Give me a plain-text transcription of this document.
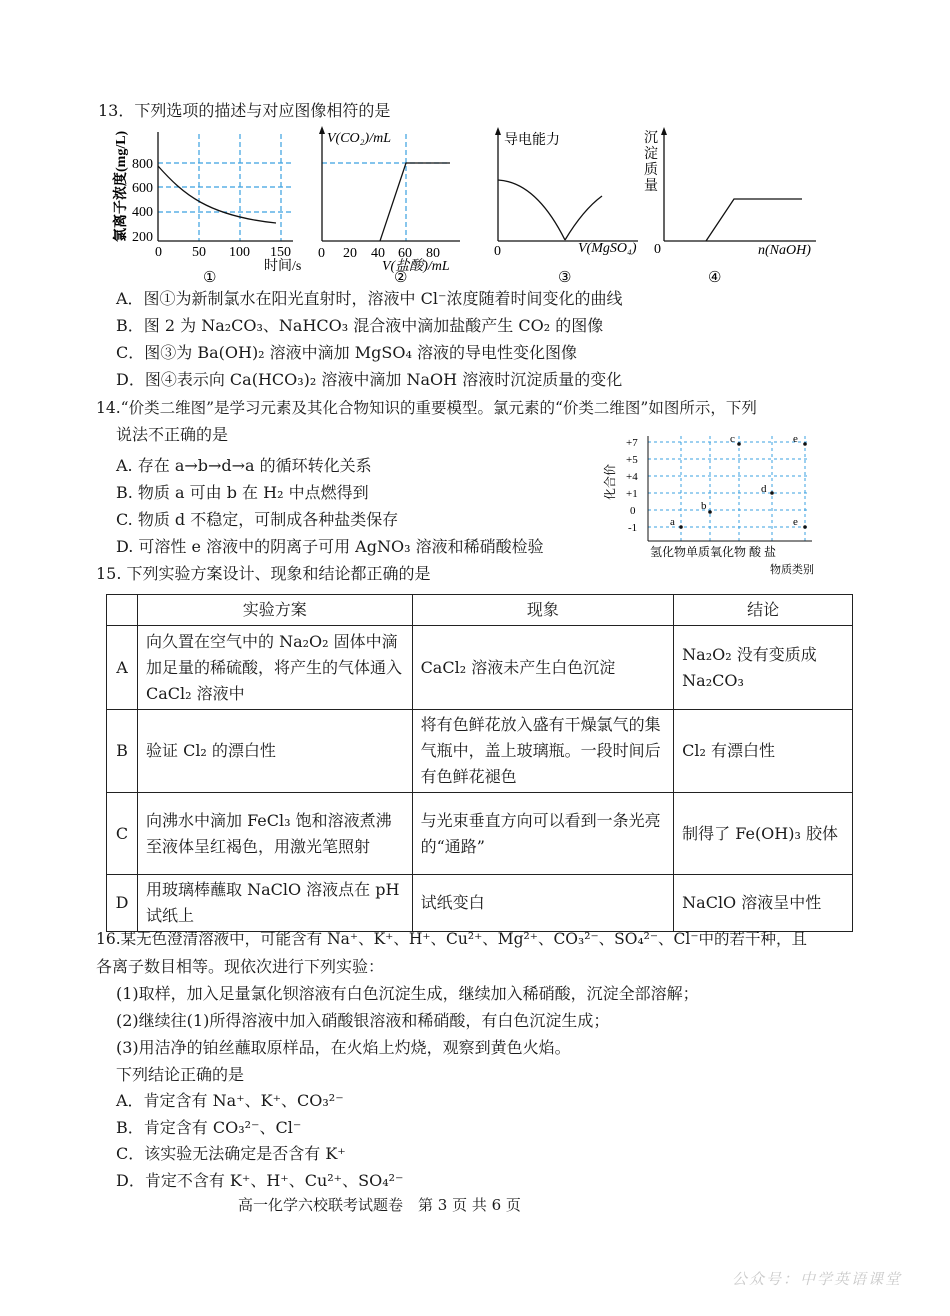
13．下列选项的描述与对应图像相符的是
氯离子浓度(mg/L) 800
600
400
200
0 50 100 150
时间/s
①
V(CO₂)/mL
0 20 40 60 80
V(盐酸)/mL
②
导电能力
0	V(MgSO₄)
③
沉
淀
质
量
0	n(NaOH)
④
A．图①为新制氯水在阳光直射时，溶液中 Cl⁻浓度随着时间变化的曲线
B．图 2 为 Na₂CO₃、NaHCO₃ 混合液中滴加盐酸产生 CO₂ 的图像
C．图③为 Ba(OH)₂ 溶液中滴加 MgSO₄ 溶液的导电性变化图像
D．图④表示向 Ca(HCO₃)₂ 溶液中滴加 NaOH 溶液时沉淀质量的变化
14.“价类二维图”是学习元素及其化合物知识的重要模型。氯元素的“价类二维图”如图所示，下列
说法不正确的是
A. 存在 a→b→d→a 的循环转化关系
B. 物质 a 可由 b 在 H₂ 中点燃得到
C. 物质 d 不稳定，可制成各种盐类保存
D. 可溶性 e 溶液中的阴离子可用 AgNO₃ 溶液和稀硝酸检验
化合价
+7
+5
+4
+1
0
-1	a
b
c
d
e
e
氢化物单质氧化物 酸 盐
物质类别
15. 下列实验方案设计、现象和结论都正确的是
	实验方案	现象	结论
A	向久置在空气中的 Na₂O₂ 固体中滴加足量的稀硫酸，将产生的气体通入 CaCl₂ 溶液中	CaCl₂ 溶液未产生白色沉淀	Na₂O₂ 没有变质成 Na₂CO₃
B	验证 Cl₂ 的漂白性	将有色鲜花放入盛有干燥氯气的集气瓶中，盖上玻璃瓶。一段时间后有色鲜花褪色	Cl₂ 有漂白性
C	向沸水中滴加 FeCl₃ 饱和溶液煮沸至液体呈红褐色，用激光笔照射	与光束垂直方向可以看到一条光亮的“通路”	制得了 Fe(OH)₃ 胶体
D	用玻璃棒蘸取 NaClO 溶液点在 pH 试纸上	试纸变白	NaClO 溶液呈中性
16.某无色澄清溶液中，可能含有 Na⁺、K⁺、H⁺、Cu²⁺、Mg²⁺、CO₃²⁻、SO₄²⁻、Cl⁻中的若干种，且
各离子数目相等。现依次进行下列实验：
(1)取样，加入足量氯化钡溶液有白色沉淀生成，继续加入稀硝酸，沉淀全部溶解；
(2)继续往(1)所得溶液中加入硝酸银溶液和稀硝酸，有白色沉淀生成；
(3)用洁净的铂丝蘸取原样品，在火焰上灼烧，观察到黄色火焰。
下列结论正确的是
A．肯定含有 Na⁺、K⁺、CO₃²⁻
B．肯定含有 CO₃²⁻、Cl⁻
C．该实验无法确定是否含有 K⁺
D．肯定不含有 K⁺、H⁺、Cu²⁺、SO₄²⁻
高一化学六校联考试题卷　第 3 页 共 6 页
公众号：中学英语课堂
